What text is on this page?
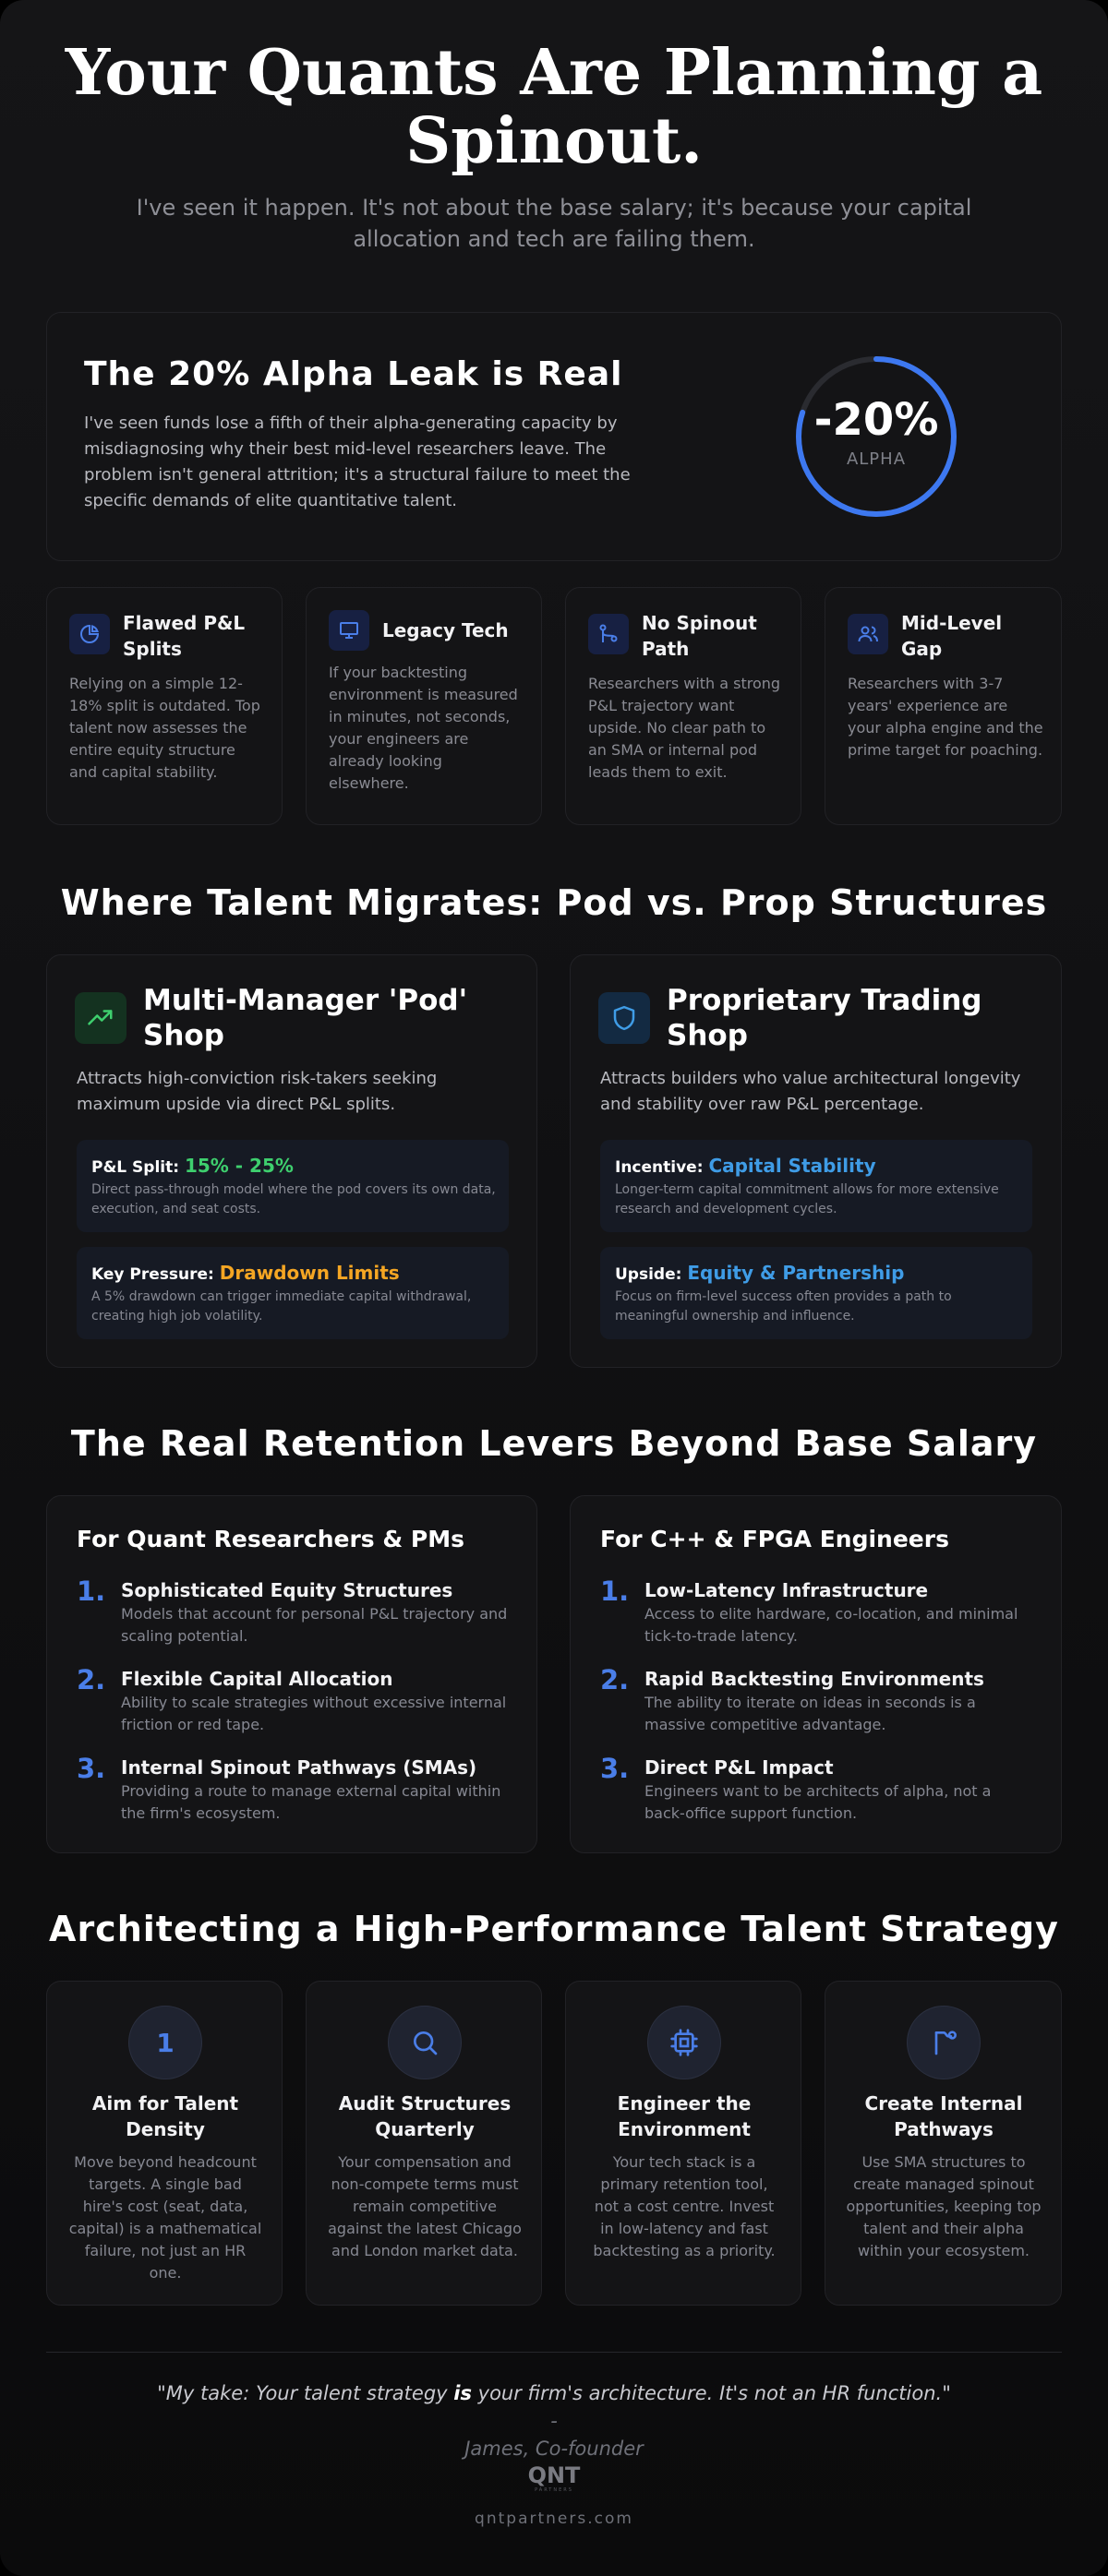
Your Quants Are Planning a Spinout.

I've seen it happen. It's not about the base salary; it's because your capital allocation and tech are failing them.

The 20% Alpha Leak is Real
I've seen funds lose a fifth of their alpha-generating capacity by misdiagnosing why their best mid-level researchers leave. The problem isn't general attrition; it's a structural failure to meet the specific demands of elite quantitative talent.
-20%
ALPHA
Flawed P&L Splits
Relying on a simple 12-18% split is outdated. Top talent now assesses the entire equity structure and capital stability.
Legacy Tech
If your backtesting environment is measured in minutes, not seconds, your engineers are already looking elsewhere.
No Spinout Path
Researchers with a strong P&L trajectory want upside. No clear path to an SMA or internal pod leads them to exit.
Mid-Level Gap
Researchers with 3-7 years' experience are your alpha engine and the prime target for poaching.
Where Talent Migrates: Pod vs. Prop Structures
Multi-Manager 'Pod' Shop
Attracts high-conviction risk-takers seeking maximum upside via direct P&L splits.
P&L Split: 15% - 25%
Direct pass-through model where the pod covers its own data, execution, and seat costs.
Key Pressure: Drawdown Limits
A 5% drawdown can trigger immediate capital withdrawal, creating high job volatility.
Proprietary Trading Shop
Attracts builders who value architectural longevity and stability over raw P&L percentage.
Incentive: Capital Stability
Longer-term capital commitment allows for more extensive research and development cycles.
Upside: Equity & Partnership
Focus on firm-level success often provides a path to meaningful ownership and influence.
The Real Retention Levers Beyond Base Salary
For Quant Researchers & PMs
1. Sophisticated Equity Structures
Models that account for personal P&L trajectory and scaling potential.
2. Flexible Capital Allocation
Ability to scale strategies without excessive internal friction or red tape.
3. Internal Spinout Pathways (SMAs)
Providing a route to manage external capital within the firm's ecosystem.
For C++ & FPGA Engineers
1. Low-Latency Infrastructure
Access to elite hardware, co-location, and minimal tick-to-trade latency.
2. Rapid Backtesting Environments
The ability to iterate on ideas in seconds is a massive competitive advantage.
3. Direct P&L Impact
Engineers want to be architects of alpha, not a back-office support function.
Architecting a High-Performance Talent Strategy
1
Aim for Talent Density
Move beyond headcount targets. A single bad hire's cost (seat, data, capital) is a mathematical failure, not just an HR one.
Audit Structures Quarterly
Your compensation and non-compete terms must remain competitive against the latest Chicago and London market data.
Engineer the Environment
Your tech stack is a primary retention tool, not a cost centre. Invest in low-latency and fast backtesting as a priority.
Create Internal Pathways
Use SMA structures to create managed spinout opportunities, keeping top talent and their alpha within your ecosystem.

"My take: Your talent strategy is your firm's architecture. It's not an HR function." -
James, Co-founder

QNT
PARTNERS
qntpartners.com
